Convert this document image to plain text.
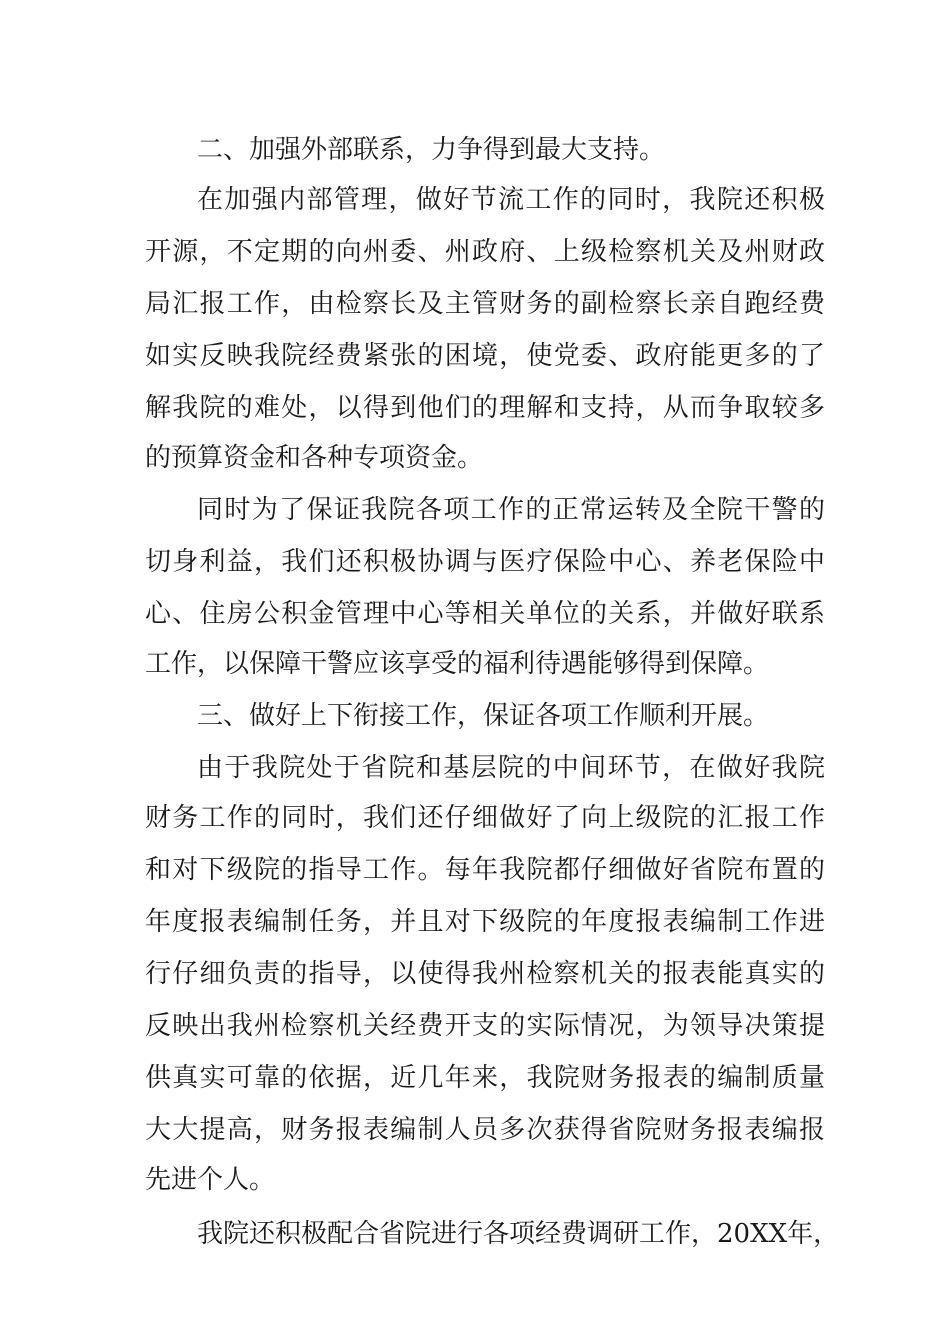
二、加强外部联系，力争得到最大支持。
在加强内部管理，做好节流工作的同时，我院还积极
开源，不定期的向州委、州政府、上级检察机关及州财政
局汇报工作，由检察长及主管财务的副检察长亲自跑经费
如实反映我院经费紧张的困境，使党委、政府能更多的了
解我院的难处，以得到他们的理解和支持，从而争取较多
的预算资金和各种专项资金。
同时为了保证我院各项工作的正常运转及全院干警的
切身利益，我们还积极协调与医疗保险中心、养老保险中
心、住房公积金管理中心等相关单位的关系，并做好联系
工作，以保障干警应该享受的福利待遇能够得到保障。
三、做好上下衔接工作，保证各项工作顺利开展。
由于我院处于省院和基层院的中间环节，在做好我院
财务工作的同时，我们还仔细做好了向上级院的汇报工作
和对下级院的指导工作。每年我院都仔细做好省院布置的
年度报表编制任务，并且对下级院的年度报表编制工作进
行仔细负责的指导，以使得我州检察机关的报表能真实的
反映出我州检察机关经费开支的实际情况，为领导决策提
供真实可靠的依据，近几年来，我院财务报表的编制质量
大大提高，财务报表编制人员多次获得省院财务报表编报
先进个人。
我院还积极配合省院进行各项经费调研工作，20XX年，
